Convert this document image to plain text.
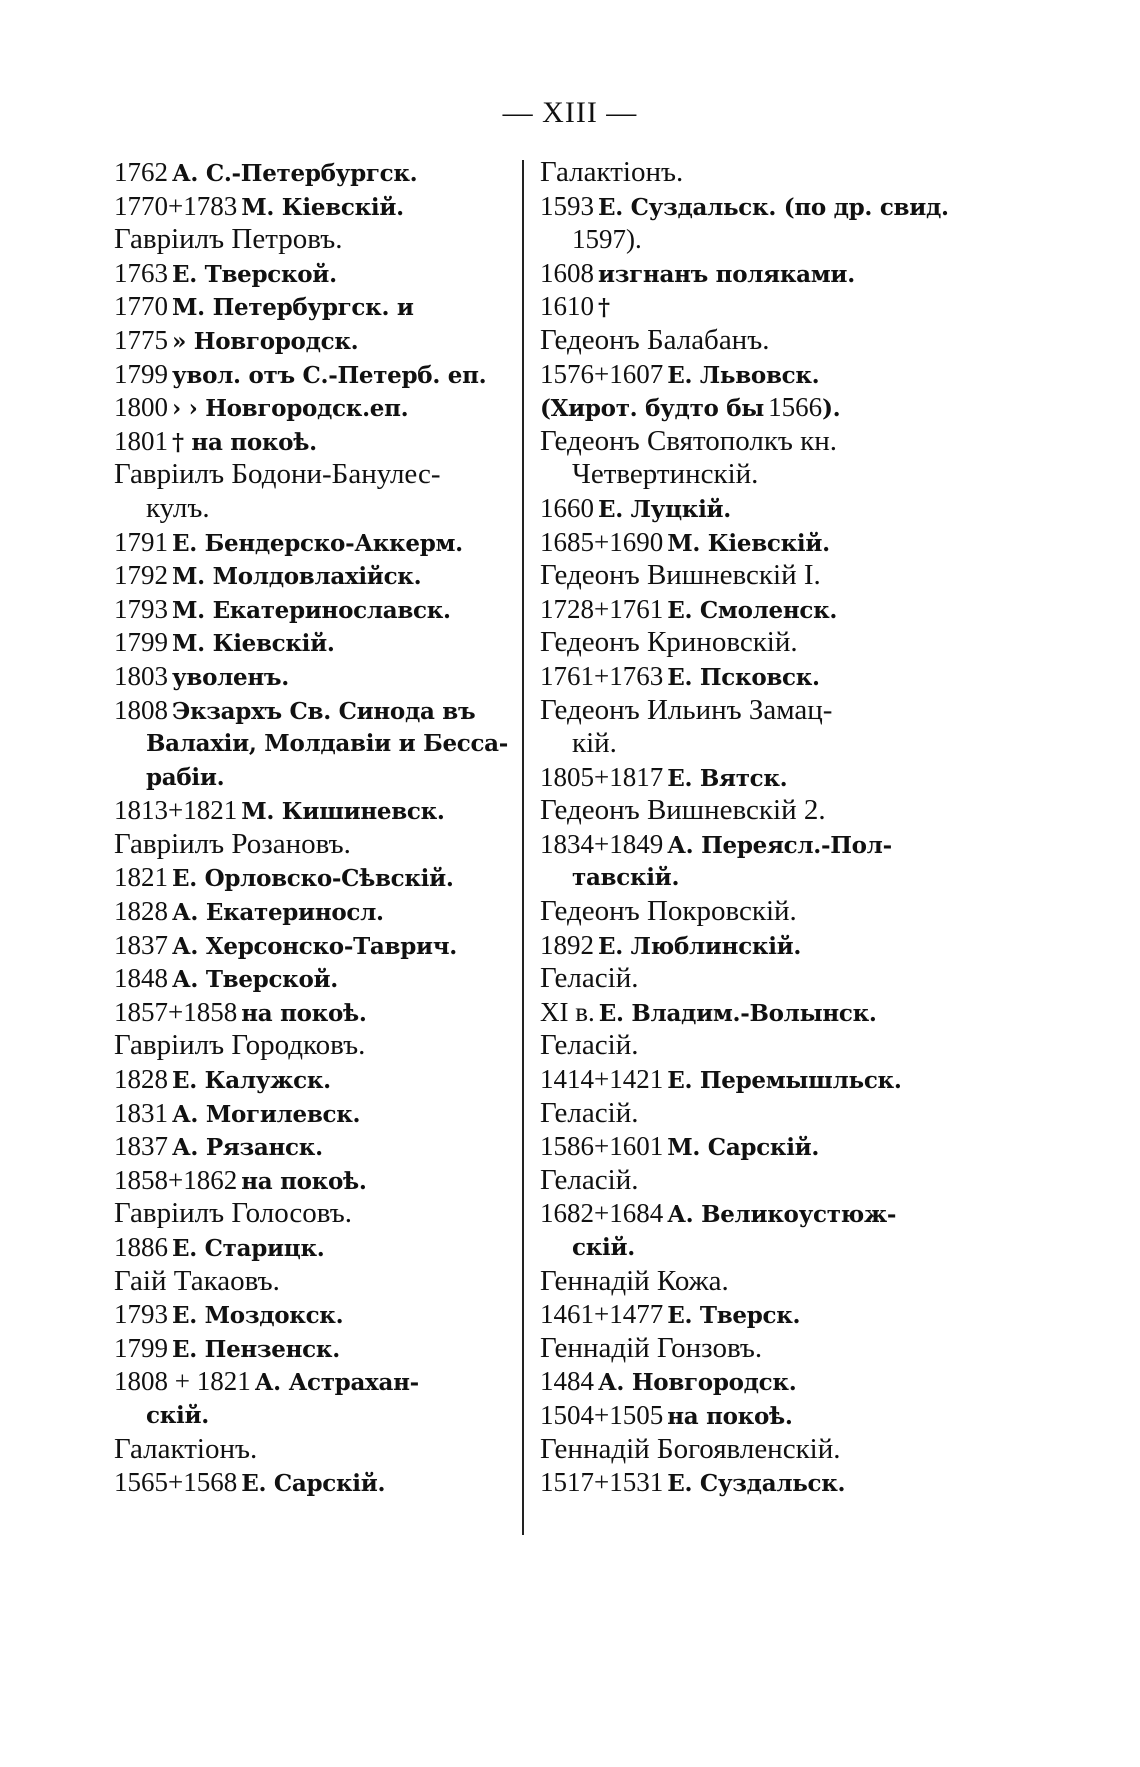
— XIII —
1762 А. С.-Петербургск.
1770+1783 М. Кіевскій.
Гавріилъ Петровъ.
1763 Е. Тверской.
1770 М. Петербургск. и
1775 » Новгородск.
1799 увол. отъ С.-Петерб. еп.
1800 › › Новгородск.еп.
1801 † на покоѣ.
Гавріилъ Бодони-Банулес-
кулъ.
1791 Е. Бендерско-Аккерм.
1792 М. Молдовлахійск.
1793 М. Екатеринославск.
1799 М. Кіевскій.
1803 уволенъ.
1808 Экзархъ Св. Синода въ
Валахіи, Молдавіи и Бесса-
рабіи.
1813+1821 М. Кишиневск.
Гавріилъ Розановъ.
1821 Е. Орловско-Сѣвскій.
1828 А. Екатериносл.
1837 А. Херсонско-Таврич.
1848 А. Тверской.
1857+1858 на покоѣ.
Гавріилъ Городковъ.
1828 Е. Калужск.
1831 А. Могилевск.
1837 А. Рязанск.
1858+1862 на покоѣ.
Гавріилъ Голосовъ.
1886 Е. Старицк.
Гаій Такаовъ.
1793 Е. Моздокск.
1799 Е. Пензенск.
1808 + 1821 А. Астрахан-
скій.
Галактіонъ.
1565+1568 Е. Сарскій.
Галактіонъ.
1593 Е. Суздальск. (по др. свид.
1597).
1608 изгнанъ поляками.
1610 †
Гедеонъ Балабанъ.
1576+1607 Е. Львовск.
(Хирот. будто бы 1566).
Гедеонъ Святополкъ кн.
Четвертинскій.
1660 Е. Луцкій.
1685+1690 М. Кіевскій.
Гедеонъ Вишневскій I.
1728+1761 Е. Смоленск.
Гедеонъ Криновскій.
1761+1763 Е. Псковск.
Гедеонъ Ильинъ Замац-
кій.
1805+1817 Е. Вятск.
Гедеонъ Вишневскій 2.
1834+1849 А. Переясл.-Пол-
тавскій.
Гедеонъ Покровскій.
1892 Е. Люблинскій.
Геласій.
XI в. Е. Владим.-Волынск.
Геласій.
1414+1421 Е. Перемышльск.
Геласій.
1586+1601 М. Сарскій.
Геласій.
1682+1684 А. Великоустюж-
скій.
Геннадій Кожа.
1461+1477 Е. Тверск.
Геннадій Гонзовъ.
1484 А. Новгородск.
1504+1505 на покоѣ.
Геннадій Богоявленскій.
1517+1531 Е. Суздальск.
